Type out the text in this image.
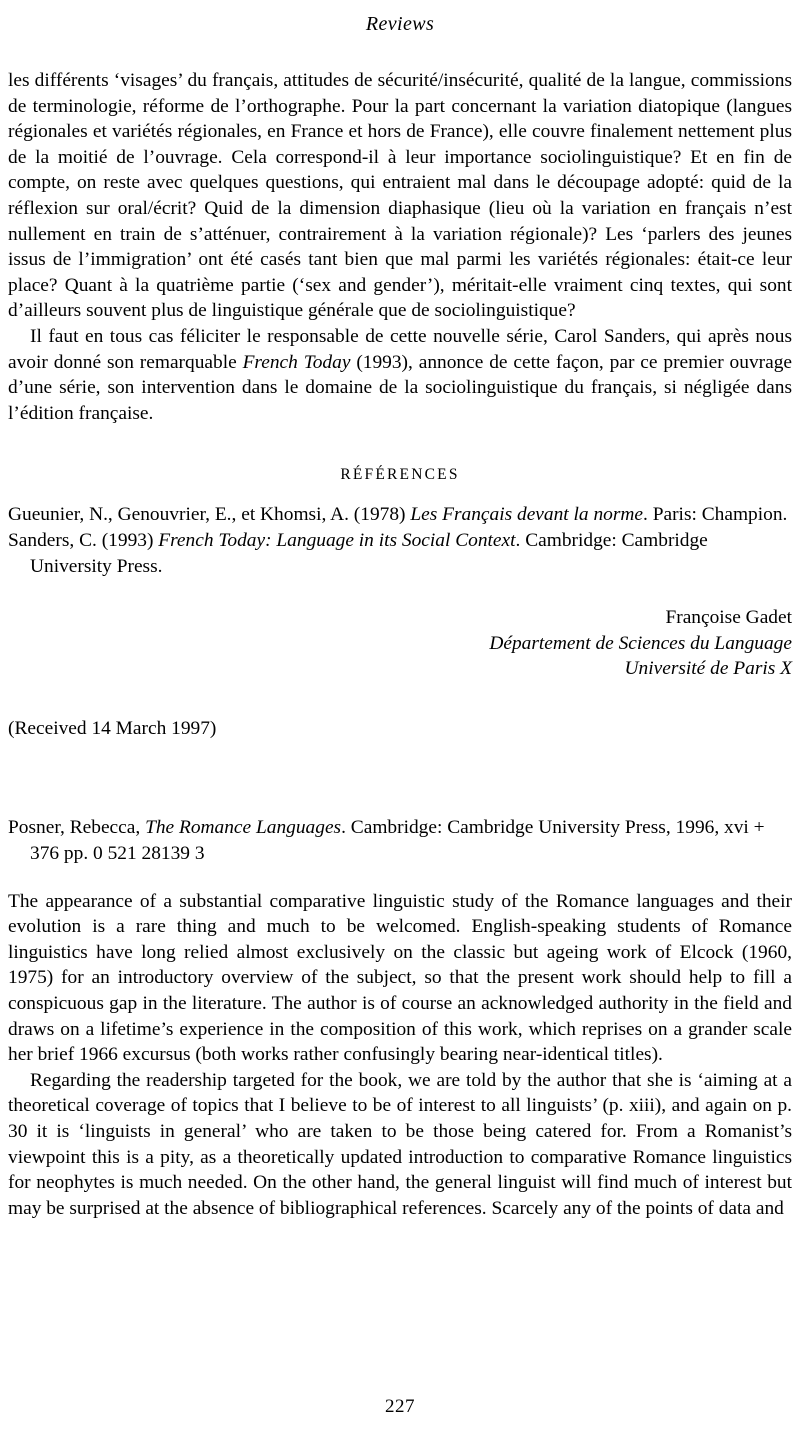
Reviews

les différents ‘visages’ du français, attitudes de sécurité/insécurité, qualité de la langue, commissions de terminologie, réforme de l’orthographe. Pour la part concernant la variation diatopique (langues régionales et variétés régionales, en France et hors de France), elle couvre finalement nettement plus de la moitié de l’ouvrage. Cela correspond-il à leur importance sociolinguistique? Et en fin de compte, on reste avec quelques questions, qui entraient mal dans le découpage adopté: quid de la réflexion sur oral/écrit? Quid de la dimension diaphasique (lieu où la variation en français n’est nullement en train de s’atténuer, contrairement à la variation régionale)? Les ‘parlers des jeunes issus de l’immigration’ ont été casés tant bien que mal parmi les variétés régionales: était-ce leur place? Quant à la quatrième partie (‘sex and gender’), méritait-elle vraiment cinq textes, qui sont d’ailleurs souvent plus de linguistique générale que de sociolinguistique?

Il faut en tous cas féliciter le responsable de cette nouvelle série, Carol Sanders, qui après nous avoir donné son remarquable French Today (1993), annonce de cette façon, par ce premier ouvrage d’une série, son intervention dans le domaine de la sociolinguistique du français, si négligée dans l’édition française.

RÉFÉRENCES

Gueunier, N., Genouvrier, E., et Khomsi, A. (1978) Les Français devant la norme. Paris: Champion.

Sanders, C. (1993) French Today: Language in its Social Context. Cambridge: Cambridge University Press.

Françoise Gadet
Département de Sciences du Language
Université de Paris X
(Received 14 March 1997)

Posner, Rebecca, The Romance Languages. Cambridge: Cambridge University Press, 1996, xvi + 376 pp. 0 521 28139 3

The appearance of a substantial comparative linguistic study of the Romance languages and their evolution is a rare thing and much to be welcomed. English-speaking students of Romance linguistics have long relied almost exclusively on the classic but ageing work of Elcock (1960, 1975) for an introductory overview of the subject, so that the present work should help to fill a conspicuous gap in the literature. The author is of course an acknowledged authority in the field and draws on a lifetime’s experience in the composition of this work, which reprises on a grander scale her brief 1966 excursus (both works rather confusingly bearing near-identical titles).

Regarding the readership targeted for the book, we are told by the author that she is ‘aiming at a theoretical coverage of topics that I believe to be of interest to all linguists’ (p. xiii), and again on p. 30 it is ‘linguists in general’ who are taken to be those being catered for. From a Romanist’s viewpoint this is a pity, as a theoretically updated introduction to comparative Romance linguistics for neophytes is much needed. On the other hand, the general linguist will find much of interest but may be surprised at the absence of bibliographical references. Scarcely any of the points of data and

227
